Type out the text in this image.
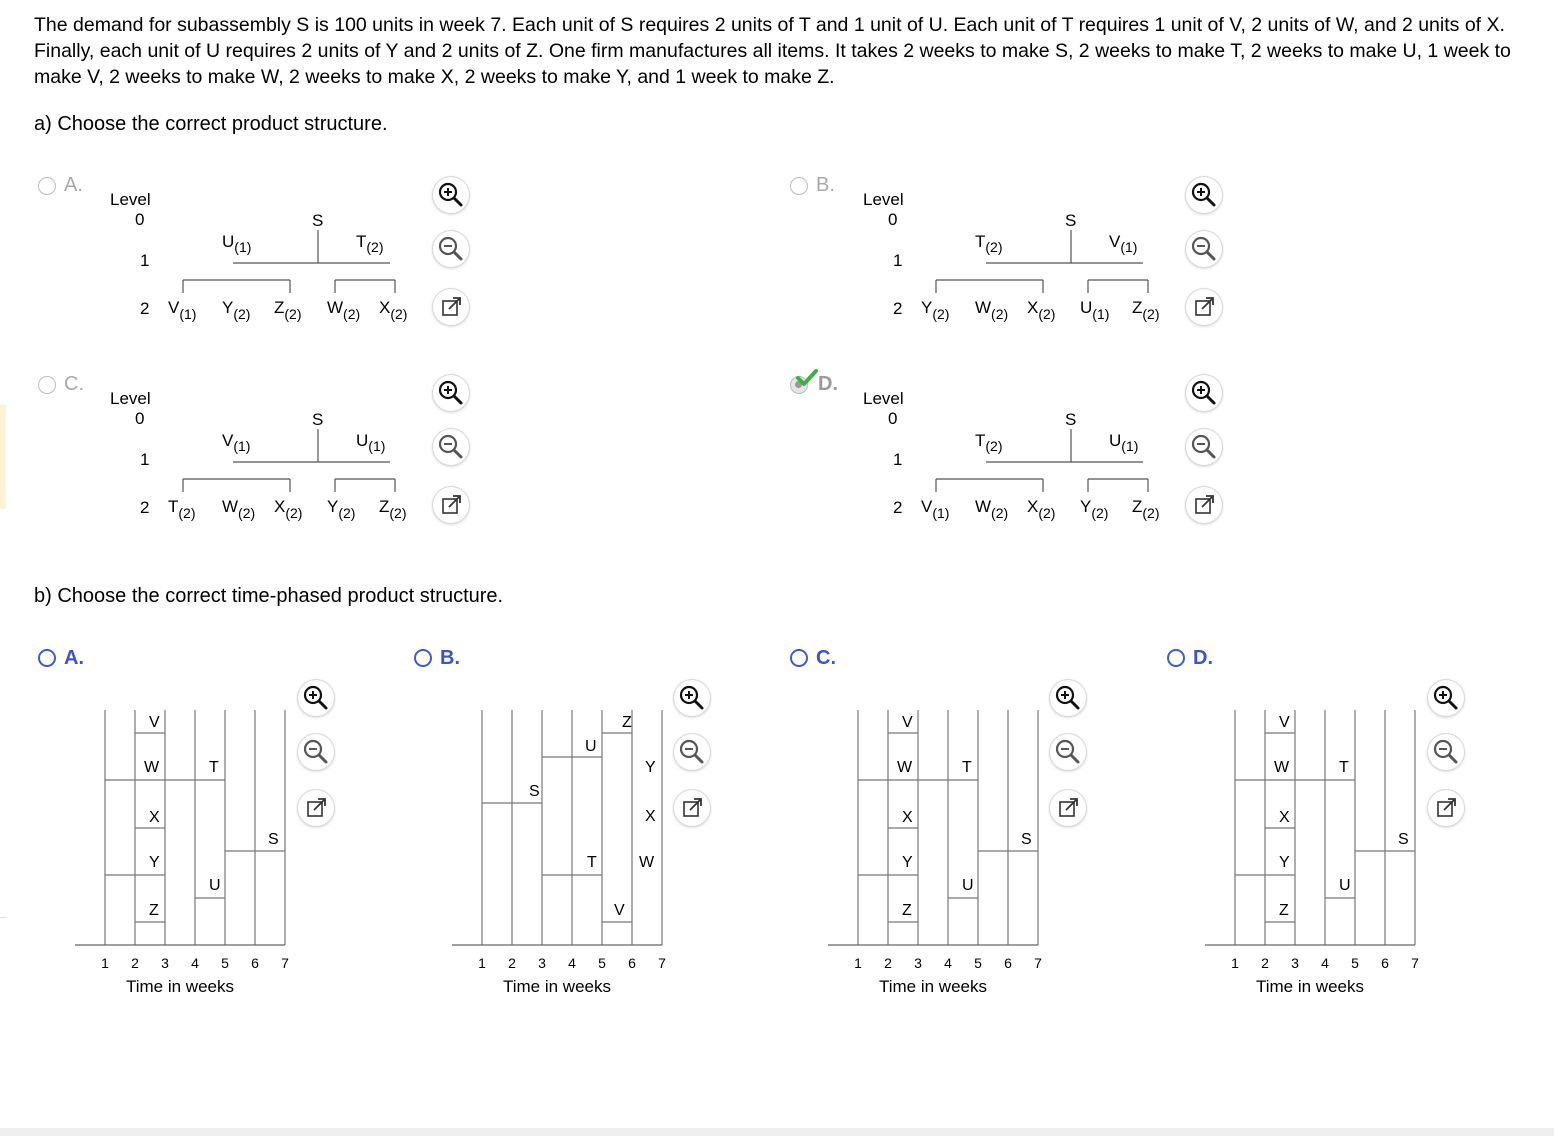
The demand for subassembly S is 100 units in week 7. Each unit of S requires 2 units of T and 1 unit of U. Each unit of T requires 1 unit of V, 2 units of W, and 2 units of X. Finally, each unit of U requires 2 units of Y and 2 units of Z. One firm manufactures all items. It takes 2 weeks to make S, 2 weeks to make T, 2 weeks to make U, 1 week to make V, 2 weeks to make W, 2 weeks to make X, 2 weeks to make Y, and 1 week to make Z.
a) Choose the correct product structure.
A.
Level
0
1
2
S
$U_{(1)}$	$T_{(2)}$
$V_{(1)}$ $Y_{(2)}$ $Z_{(2)}$ $W_{(2)}$ $X_{(2)}$
B.
Level
0
1
2
S
$T_{(2)}$	$V_{(1)}$
$Y_{(2)}$ $W_{(2)}$ $X_{(2)}$ $U_{(1)}$ $Z_{(2)}$
C.
Level
0
1
2
S
$V_{(1)}$	$U_{(1)}$
$T_{(2)}$ $W_{(2)}$ $X_{(2)}$ $Y_{(2)}$ $Z_{(2)}$
D.
Level
0
1
2
S
$T_{(2)}$	$U_{(1)}$
$V_{(1)}$ $W_{(2)}$ $X_{(2)}$ $Y_{(2)}$ $Z_{(2)}$
b) Choose the correct time-phased product structure.
A.	B.	C.	D.
V
W	T
X
S
Y
U
Z
1 2 3 4 5 6 7
Time in weeks
Z
U
S
Y
X
T	W
V
1 2 3 4 5 6 7
Time in weeks
V
W	T
X
S
Y
U
Z
1 2 3 4 5 6 7
Time in weeks
V
W	T
X
S
Y
U
Z
1 2 3 4 5 6 7
Time in weeks
